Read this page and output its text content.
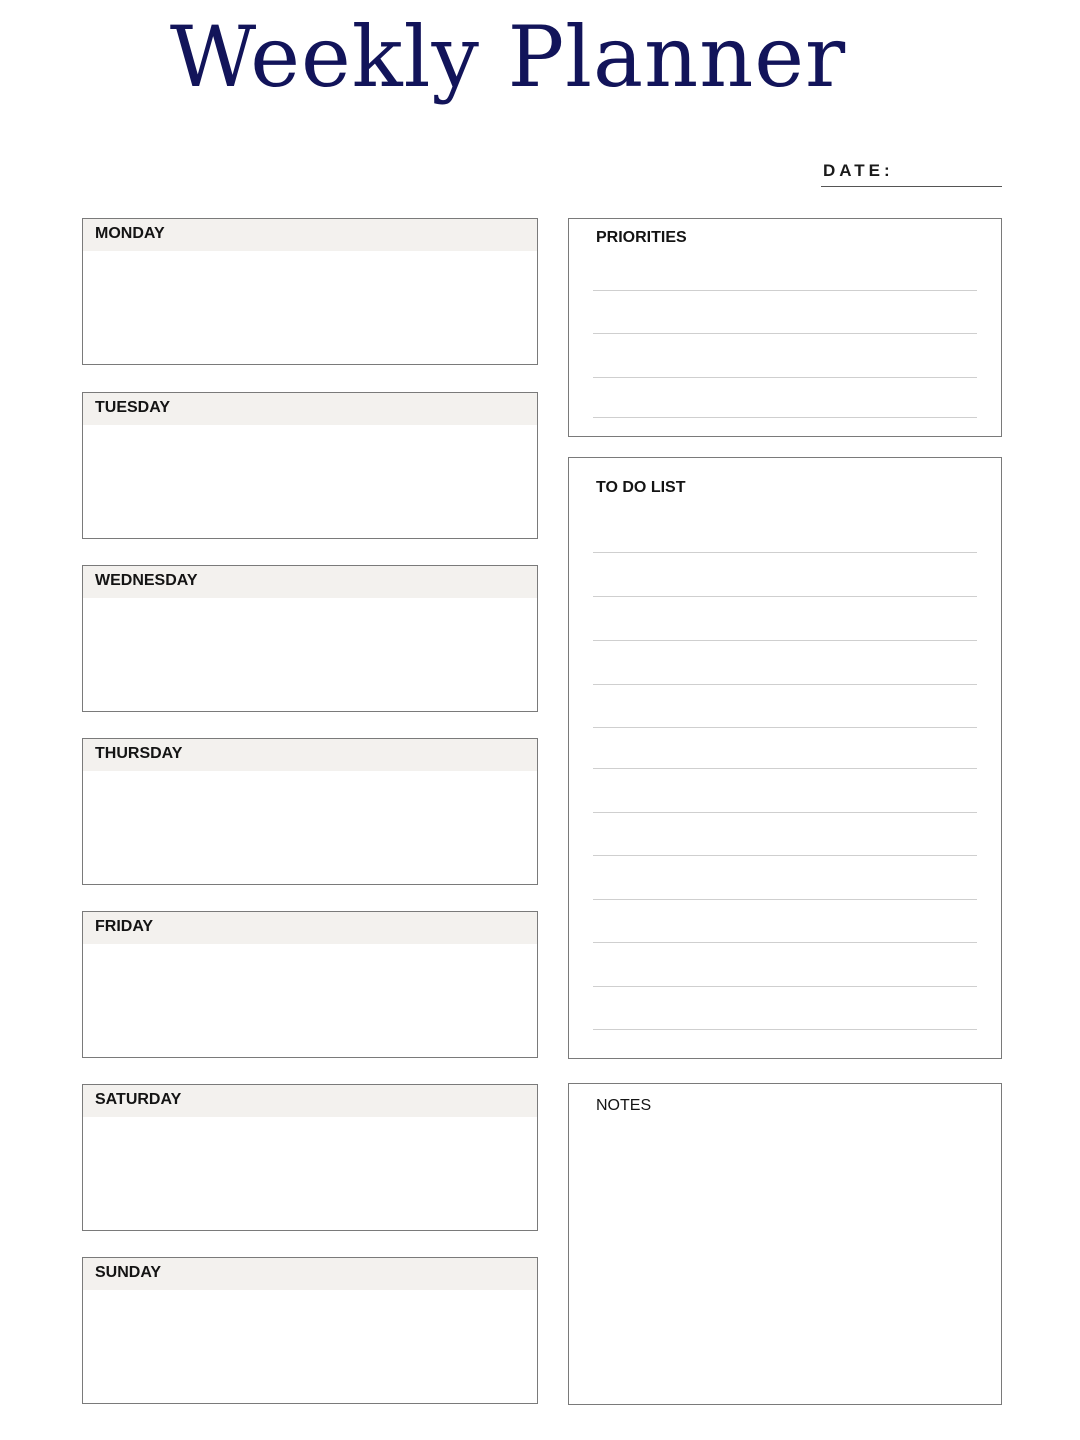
Weekly Planner
DATE:
MONDAY
TUESDAY
WEDNESDAY
THURSDAY
FRIDAY
SATURDAY
SUNDAY
PRIORITIES
TO DO LIST
NOTES
